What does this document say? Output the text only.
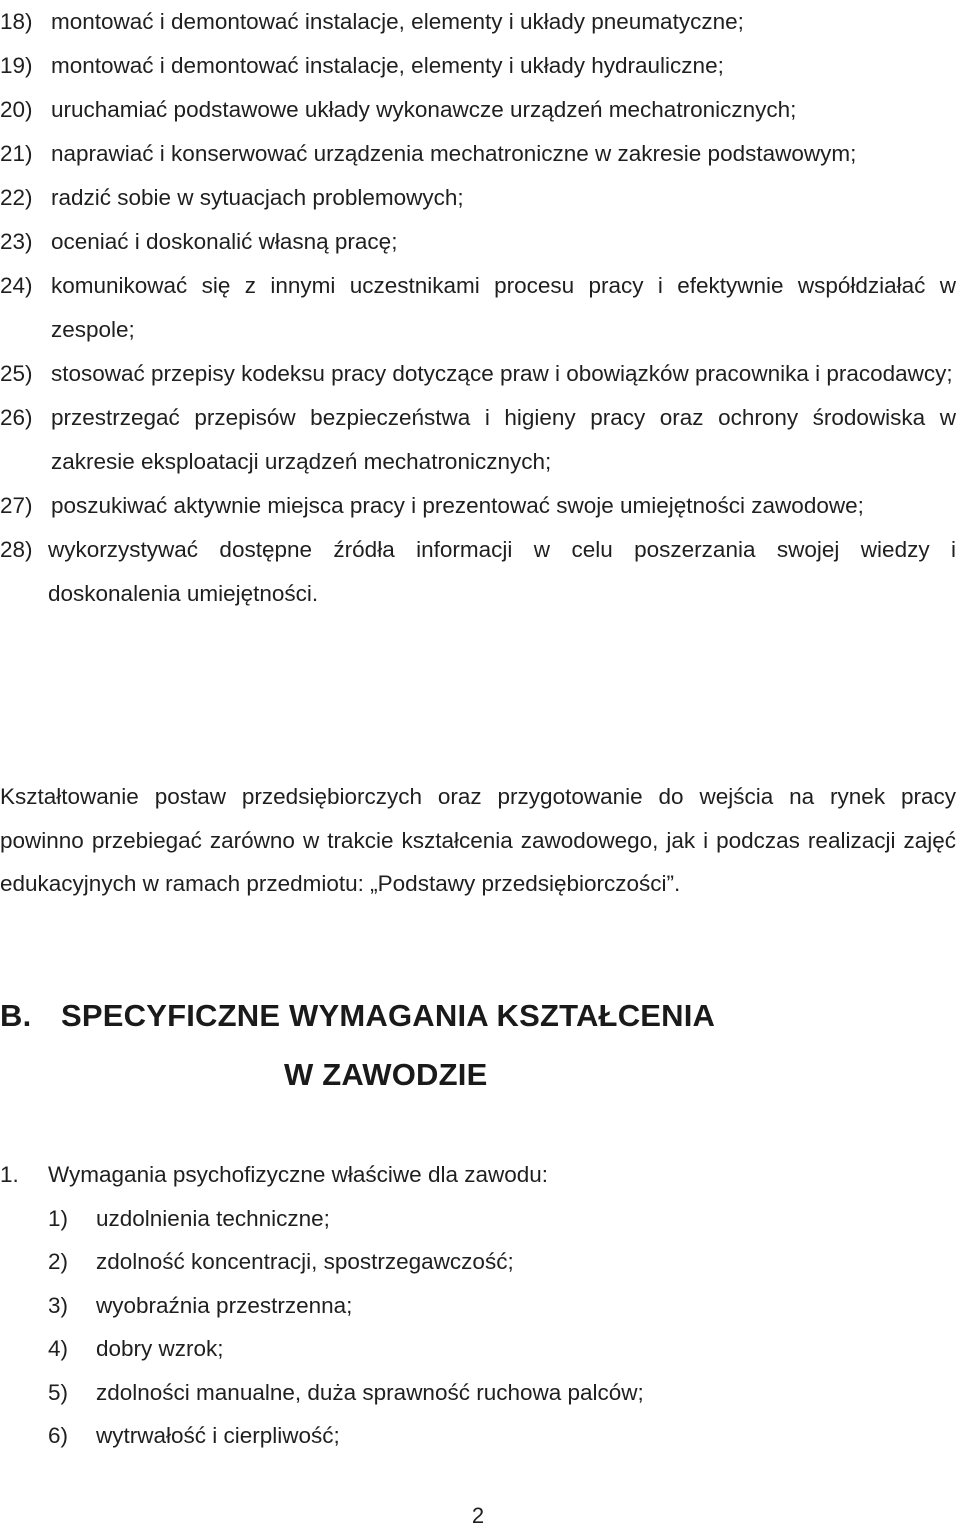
18) montować i demontować instalacje, elementy i układy pneumatyczne;
19) montować i demontować instalacje, elementy i układy hydrauliczne;
20) uruchamiać podstawowe układy wykonawcze urządzeń mechatronicznych;
21) naprawiać i konserwować urządzenia mechatroniczne w zakresie podstawowym;
22) radzić sobie w sytuacjach problemowych;
23) oceniać i doskonalić własną pracę;
24) komunikować się z innymi uczestnikami procesu pracy i efektywnie współdziałać w zespole;
25) stosować przepisy kodeksu pracy dotyczące praw i obowiązków pracownika i pracodawcy;
26) przestrzegać przepisów bezpieczeństwa i higieny pracy oraz ochrony środowiska w zakresie eksploatacji urządzeń mechatronicznych;
27) poszukiwać aktywnie miejsca pracy i prezentować swoje umiejętności zawodowe;
28) wykorzystywać dostępne źródła informacji w celu poszerzania swojej wiedzy i doskonalenia umiejętności.

Kształtowanie postaw przedsiębiorczych oraz przygotowanie do wejścia na rynek pracy powinno przebiegać zarówno w trakcie kształcenia zawodowego, jak i podczas realizacji zajęć edukacyjnych w ramach przedmiotu: „Podstawy przedsiębiorczości”.

B. SPECYFICZNE WYMAGANIA KSZTAŁCENIA
W ZAWODZIE
1.	Wymagania psychofizyczne właściwe dla zawodu:
1)	uzdolnienia techniczne;
2)	zdolność koncentracji, spostrzegawczość;
3)	wyobraźnia przestrzenna;
4)	dobry wzrok;
5)	zdolności manualne, duża sprawność ruchowa palców;
6)	wytrwałość i cierpliwość;
2
